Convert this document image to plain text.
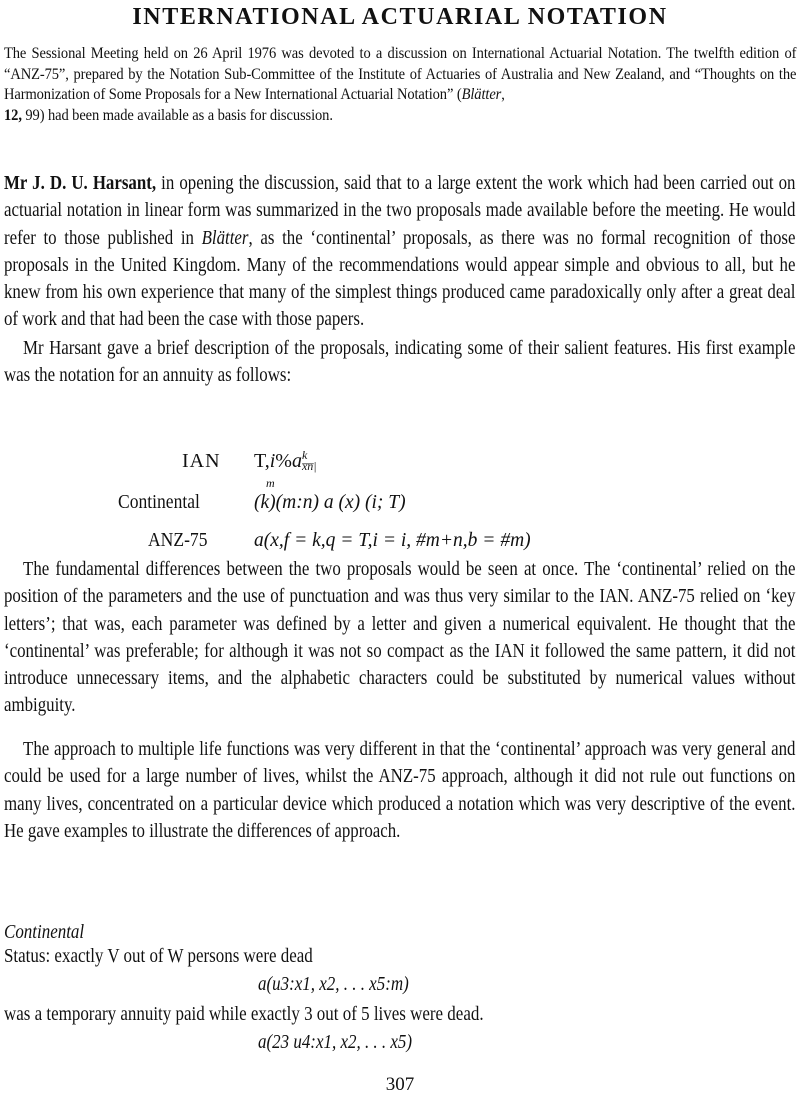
INTERNATIONAL ACTUARIAL NOTATION
The Sessional Meeting held on 26 April 1976 was devoted to a discussion on International Actuarial Notation. The twelfth edition of “ANZ-75”, prepared by the Notation Sub-Committee of the Institute of Actuaries of Australia and New Zealand, and “Thoughts on the Harmonization of Some Proposals for a New International Actuarial Notation” (Blätter,
12, 99) had been made available as a basis for discussion.
Mr J. D. U. Harsant, in opening the discussion, said that to a large extent the work which had been carried out on actuarial notation in linear form was summarized in the two proposals made available before the meeting. He would refer to those published in Blätter, as the ‘continental’ proposals, as there was no formal recognition of those proposals in the United Kingdom. Many of the recommendations would appear simple and obvious to all, but he knew from his own experience that many of the simplest things produced came paradoxically only after a great deal of work and that had been the case with those papers.
Mr Harsant gave a brief description of the proposals, indicating some of their salient features. His first example was the notation for an annuity as follows:
IAN T,i%a k
x̅n̅|
m
Continental	(k)(m:n) a (x) (i; T)
ANZ-75 a(x,f = k,q = T,i = i, #m+n,b = #m)
The fundamental differences between the two proposals would be seen at once. The ‘continental’ relied on the position of the parameters and the use of punctuation and was thus very similar to the IAN. ANZ-75 relied on ‘key letters’; that was, each parameter was defined by a letter and given a numerical equivalent. He thought that the ‘continental’ was preferable; for although it was not so compact as the IAN it followed the same pattern, it did not introduce unnecessary items, and the alphabetic characters could be substituted by numerical values without ambiguity.
The approach to multiple life functions was very different in that the ‘continental’ approach was very general and could be used for a large number of lives, whilst the ANZ-75 approach, although it did not rule out functions on many lives, concentrated on a particular device which produced a notation which was very descriptive of the event. He gave examples to illustrate the differences of approach.
Continental
Status: exactly V out of W persons were dead
a(u3:x1, x2, . . . x5:m)
was a temporary annuity paid while exactly 3 out of 5 lives were dead.
a(23 u4:x1, x2, . . . x5)
307
